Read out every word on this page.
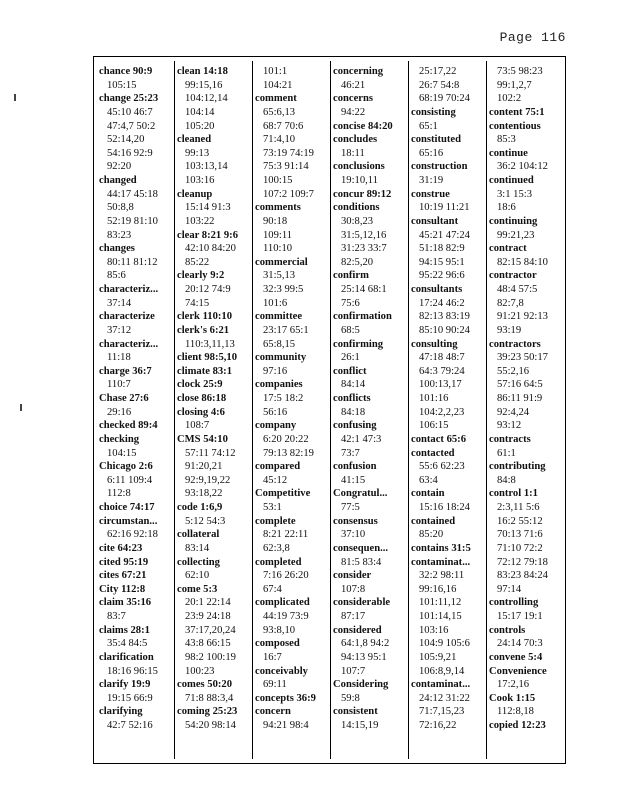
Page 116
chance 90:9
105:15
change 25:23
45:10 46:7
47:4,7 50:2
52:14,20
54:16 92:9
92:20
changed
44:17 45:18
50:8,8
52:19 81:10
83:23
changes
80:11 81:12
85:6
characteriz...
37:14
characterize
37:12
characteriz...
11:18
charge 36:7
110:7
Chase 27:6
29:16
checked 89:4
checking
104:15
Chicago 2:6
6:11 109:4
112:8
choice 74:17
circumstan...
62:16 92:18
cite 64:23
cited 95:19
cites 67:21
City 112:8
claim 35:16
83:7
claims 28:1
35:4 84:5
clarification
18:16 96:15
clarify 19:9
19:15 66:9
clarifying
42:7 52:16
clean 14:18
99:15,16
104:12,14
104:14
105:20
cleaned
99:13
103:13,14
103:16
cleanup
15:14 91:3
103:22
clear 8:21 9:6
42:10 84:20
85:22
clearly 9:2
20:12 74:9
74:15
clerk 110:10
clerk's 6:21
110:3,11,13
client 98:5,10
climate 83:1
clock 25:9
close 86:18
closing 4:6
108:7
CMS 54:10
57:11 74:12
91:20,21
92:9,19,22
93:18,22
code 1:6,9
5:12 54:3
collateral
83:14
collecting
62:10
come 5:3
20:1 22:14
23:9 24:18
37:17,20,24
43:8 66:15
98:2 100:19
100:23
comes 50:20
71:8 88:3,4
coming 25:23
54:20 98:14
101:1
104:21
comment
65:6,13
68:7 70:6
71:4,10
73:19 74:19
75:3 91:14
100:15
107:2 109:7
comments
90:18
109:11
110:10
commercial
31:5,13
32:3 99:5
101:6
committee
23:17 65:1
65:8,15
community
97:16
companies
17:5 18:2
56:16
company
6:20 20:22
79:13 82:19
compared
45:12
Competitive
53:1
complete
8:21 22:11
62:3,8
completed
7:16 26:20
67:4
complicated
44:19 73:9
93:8,10
composed
16:7
conceivably
69:11
concepts 36:9
concern
94:21 98:4
concerning
46:21
concerns
94:22
concise 84:20
concludes
18:11
conclusions
19:10,11
concur 89:12
conditions
30:8,23
31:5,12,16
31:23 33:7
82:5,20
confirm
25:14 68:1
75:6
confirmation
68:5
confirming
26:1
conflict
84:14
conflicts
84:18
confusing
42:1 47:3
73:7
confusion
41:15
Congratul...
77:5
consensus
37:10
consequen...
81:5 83:4
consider
107:8
considerable
87:17
considered
64:1,8 94:2
94:13 95:1
107:7
Considering
59:8
consistent
14:15,19
25:17,22
26:7 54:8
68:19 70:24
consisting
65:1
constituted
65:16
construction
31:19
construe
10:19 11:21
consultant
45:21 47:24
51:18 82:9
94:15 95:1
95:22 96:6
consultants
17:24 46:2
82:13 83:19
85:10 90:24
consulting
47:18 48:7
64:3 79:24
100:13,17
101:16
104:2,2,23
106:15
contact 65:6
contacted
55:6 62:23
63:4
contain
15:16 18:24
contained
85:20
contains 31:5
contaminat...
32:2 98:11
99:16,16
101:11,12
101:14,15
103:16
104:9 105:6
105:9,21
106:8,9,14
contaminat...
24:12 31:22
71:7,15,23
72:16,22
73:5 98:23
99:1,2,7
102:2
content 75:1
contentious
85:3
continue
36:2 104:12
continued
3:1 15:3
18:6
continuing
99:21,23
contract
82:15 84:10
contractor
48:4 57:5
82:7,8
91:21 92:13
93:19
contractors
39:23 50:17
55:2,16
57:16 64:5
86:11 91:9
92:4,24
93:12
contracts
61:1
contributing
84:8
control 1:1
2:3,11 5:6
16:2 55:12
70:13 71:6
71:10 72:2
72:12 79:18
83:23 84:24
97:14
controlling
15:17 19:1
controls
24:14 70:3
convene 5:4
Convenience
17:2,16
Cook 1:15
112:8,18
copied 12:23
